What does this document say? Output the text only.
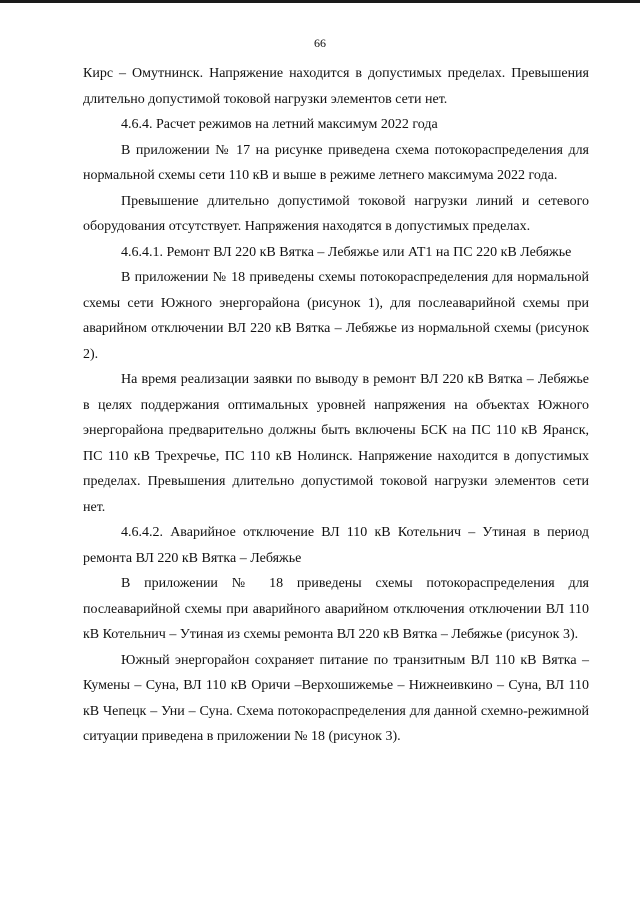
66

Кирс – Омутнинск. Напряжение находится в допустимых пределах. Превышения длительно допустимой токовой нагрузки элементов сети нет.

4.6.4. Расчет режимов на летний максимум 2022 года

В приложении № 17 на рисунке приведена схема потокораспределения для нормальной схемы сети 110 кВ и выше в режиме летнего максимума 2022 года.

Превышение длительно допустимой токовой нагрузки линий и сетевого оборудования отсутствует. Напряжения находятся в допустимых пределах.

4.6.4.1. Ремонт ВЛ 220 кВ Вятка – Лебяжье или АТ1 на ПС 220 кВ Лебяжье

В приложении № 18 приведены схемы потокораспределения для нормальной схемы сети Южного энергорайона (рисунок 1), для послеаварийной схемы при аварийном отключении ВЛ 220 кВ Вятка – Лебяжье из нормальной схемы (рисунок 2).

На время реализации заявки по выводу в ремонт ВЛ 220 кВ Вятка – Лебяжье в целях поддержания оптимальных уровней напряжения на объектах Южного энергорайона предварительно должны быть включены БСК на ПС 110 кВ Яранск, ПС 110 кВ Трехречье, ПС 110 кВ Нолинск. Напряжение находится в допустимых пределах. Превышения длительно допустимой токовой нагрузки элементов сети нет.

4.6.4.2. Аварийное отключение ВЛ 110 кВ Котельнич – Утиная в период ремонта ВЛ 220 кВ Вятка – Лебяжье

В приложении № 18 приведены схемы потокораспределения для послеаварийной схемы при аварийного аварийном отключения отключении ВЛ 110 кВ Котельнич – Утиная из схемы ремонта ВЛ 220 кВ Вятка – Лебяжье (рисунок 3).

Южный энергорайон сохраняет питание по транзитным ВЛ 110 кВ Вятка – Кумены – Суна, ВЛ 110 кВ Оричи –Верхошижемье – Нижнеивкино – Суна, ВЛ 110 кВ Чепецк – Уни – Суна. Схема потокораспределения для данной схемно-режимной ситуации приведена в приложении № 18 (рисунок 3).
